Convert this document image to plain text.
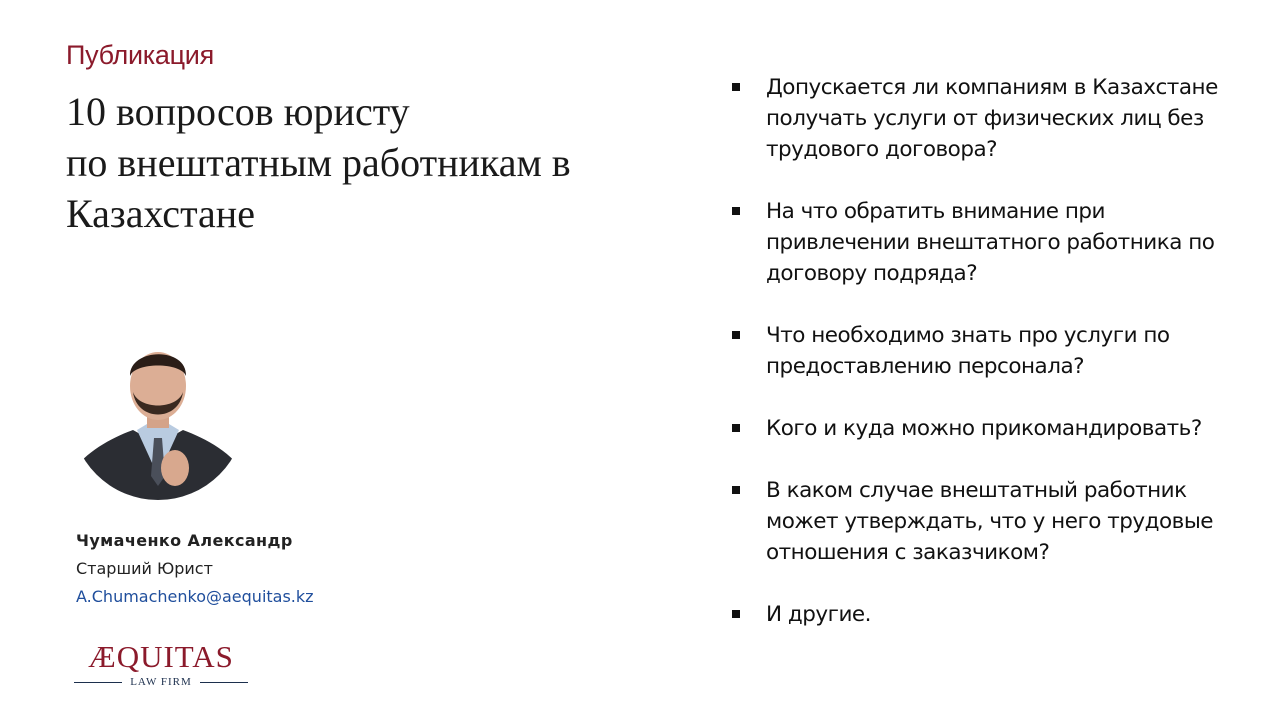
Публикация
10 вопросов юристу
по внештатным работникам в
Казахстане
Чумаченко Александр
Старший Юрист
A.Chumachenko@aequitas.kz
ÆQUITAS
LAW FIRM
Допускается ли компаниям в Казахстане получать услуги от физических лиц без трудового договора?
На что обратить внимание при привлечении внештатного работника по договору подряда?
Что необходимо знать про услуги по предоставлению персонала?
Кого и куда можно прикомандировать?
В каком случае внештатный работник может утверждать, что у него трудовые отношения с заказчиком?
И другие.
